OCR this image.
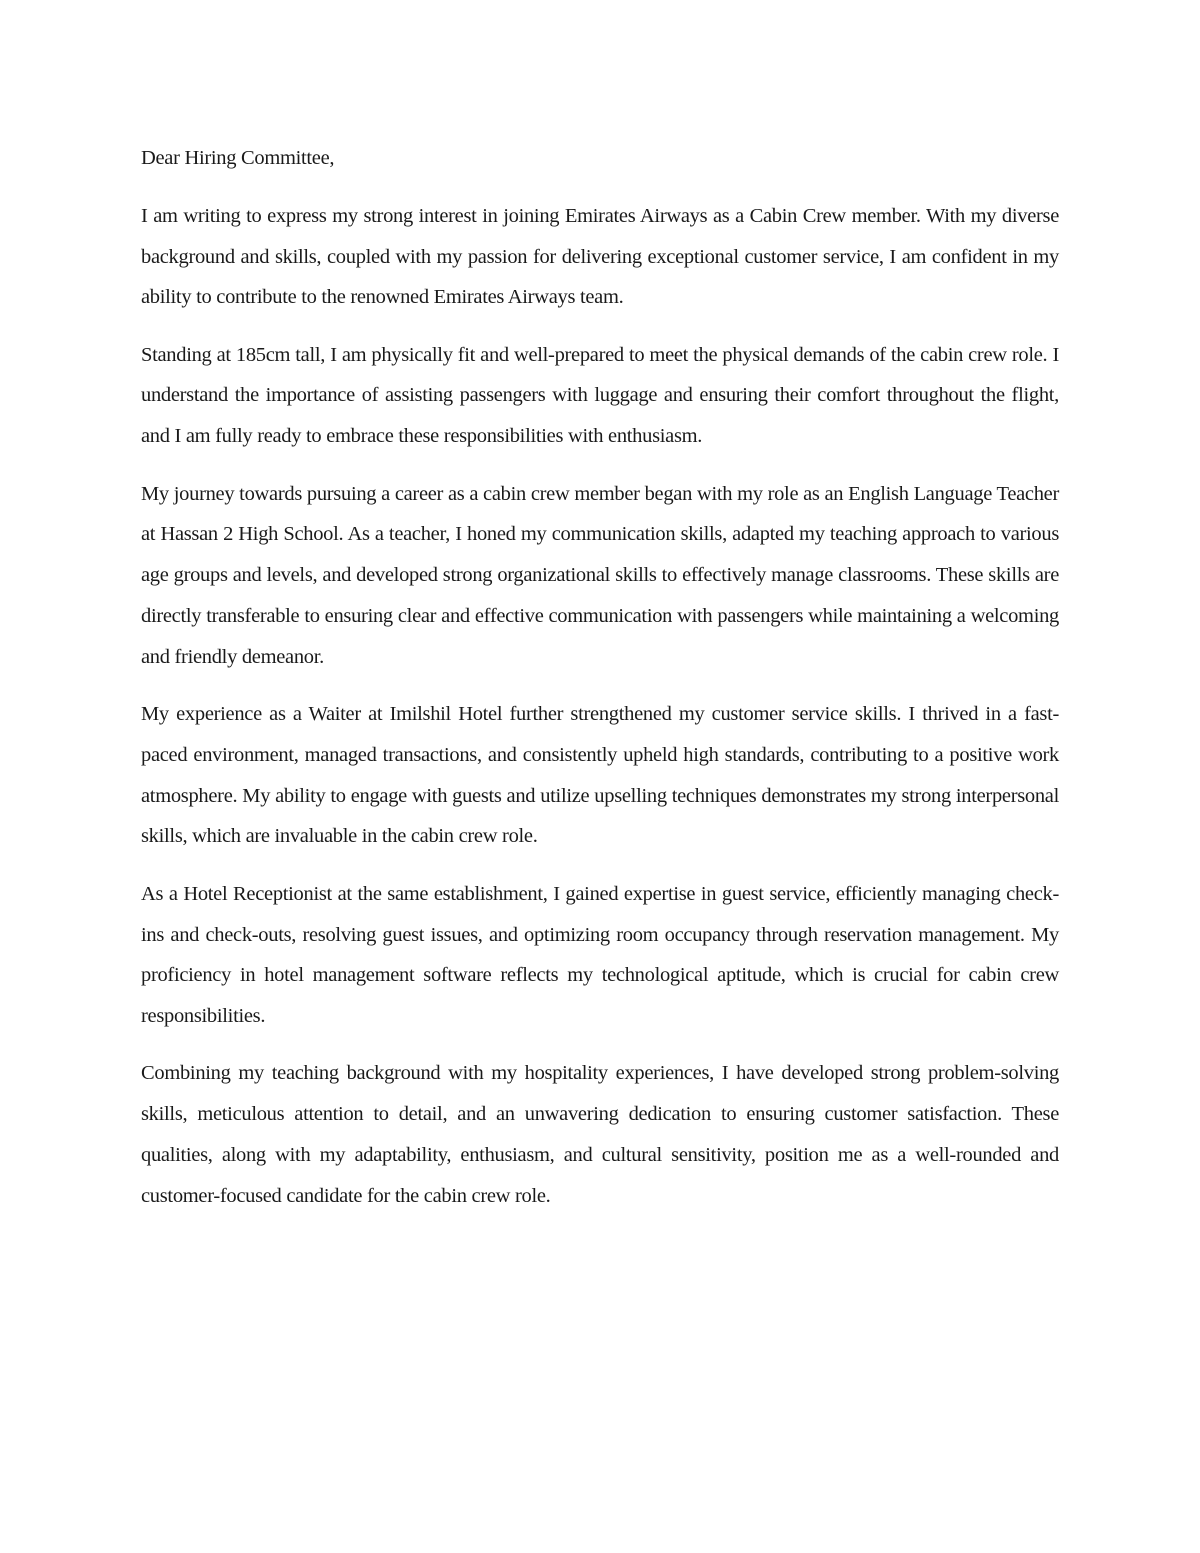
Dear Hiring Committee,

I am writing to express my strong interest in joining Emirates Airways as a Cabin Crew member. With my diverse background and skills, coupled with my passion for delivering exceptional customer service, I am confident in my ability to contribute to the renowned Emirates Airways team.

Standing at 185cm tall, I am physically fit and well-prepared to meet the physical demands of the cabin crew role. I understand the importance of assisting passengers with luggage and ensuring their comfort throughout the flight, and I am fully ready to embrace these responsibilities with enthusiasm.

My journey towards pursuing a career as a cabin crew member began with my role as an English Language Teacher at Hassan 2 High School. As a teacher, I honed my communication skills, adapted my teaching approach to various age groups and levels, and developed strong organizational skills to effectively manage classrooms. These skills are directly transferable to ensuring clear and effective communication with passengers while maintaining a welcoming and friendly demeanor.

My experience as a Waiter at Imilshil Hotel further strengthened my customer service skills. I thrived in a fast-paced environment, managed transactions, and consistently upheld high standards, contributing to a positive work atmosphere. My ability to engage with guests and utilize upselling techniques demonstrates my strong interpersonal skills, which are invaluable in the cabin crew role.

As a Hotel Receptionist at the same establishment, I gained expertise in guest service, efficiently managing check-ins and check-outs, resolving guest issues, and optimizing room occupancy through reservation management. My proficiency in hotel management software reflects my technological aptitude, which is crucial for cabin crew responsibilities.

Combining my teaching background with my hospitality experiences, I have developed strong problem-solving skills, meticulous attention to detail, and an unwavering dedication to ensuring customer satisfaction. These qualities, along with my adaptability, enthusiasm, and cultural sensitivity, position me as a well-rounded and customer-focused candidate for the cabin crew role.
